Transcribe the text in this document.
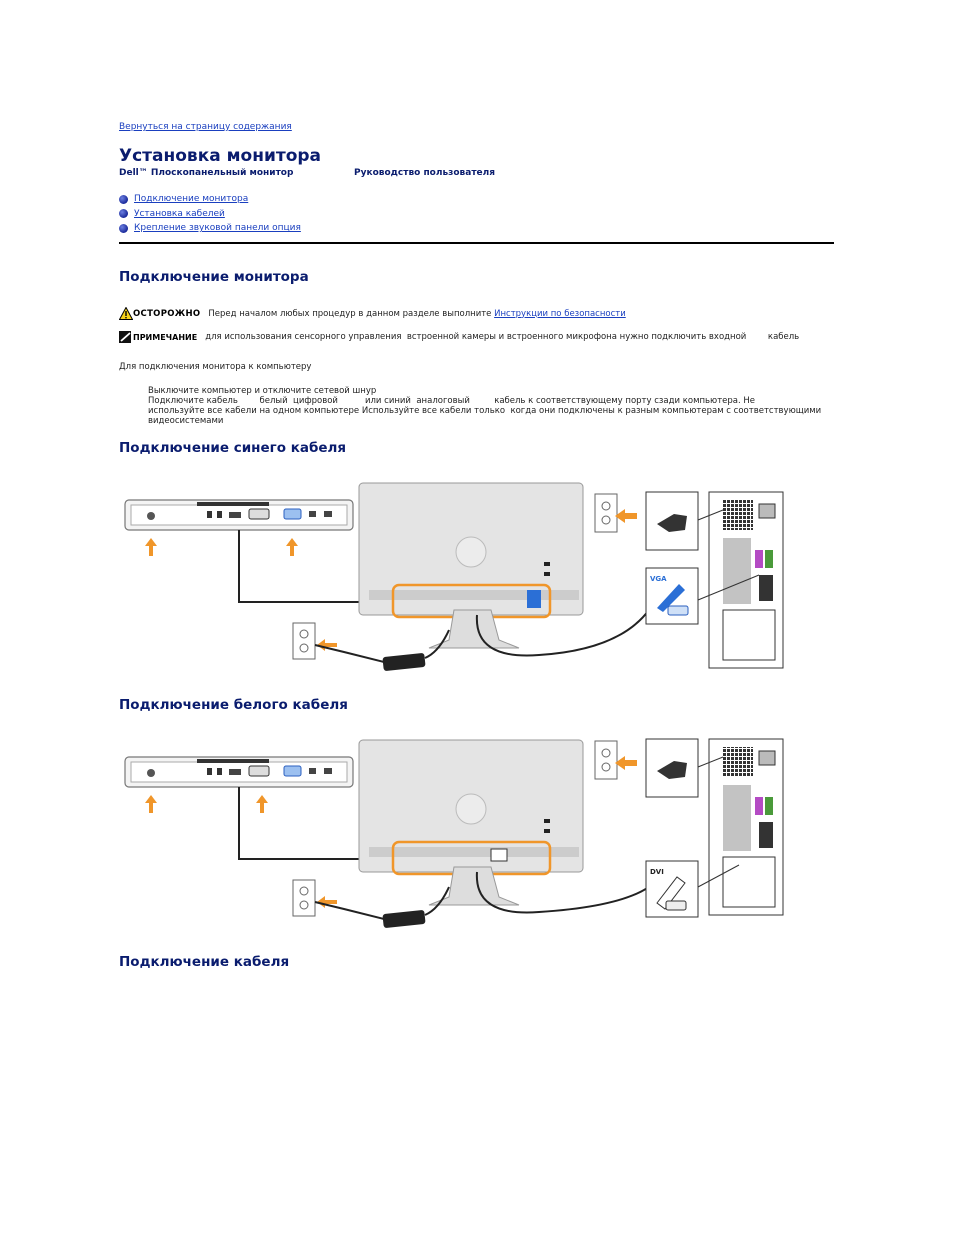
Вернуться на страницу содержания
Установка монитора
Dell™ Плоскопанельный монитор	Руководство пользователя
Подключение монитора
Установка кабелей
Крепление звуковой панели опция
Подключение монитора
ОСТОРОЖНО Перед началом любых процедур в данном разделе выполните
Инструкции по безопасности
ПРИМЕЧАНИЕ для использования сенсорного управления  встроенной камеры и встроенного микрофона нужно подключить входной        кабель
Для подключения монитора к компьютеру
Выключите компьютер и отключите сетевой шнур
Подключите кабель        белый  цифровой          или синий  аналоговый         кабель к соответствующему порту сзади компьютера. Не
используйте все кабели на одном компьютере Используйте все кабели только  когда они подключены к разным компьютерам с соответствующими
видеосистемами
Подключение синего кабеля
VGA
Подключение белого кабеля
DVI
Подключение кабеля
